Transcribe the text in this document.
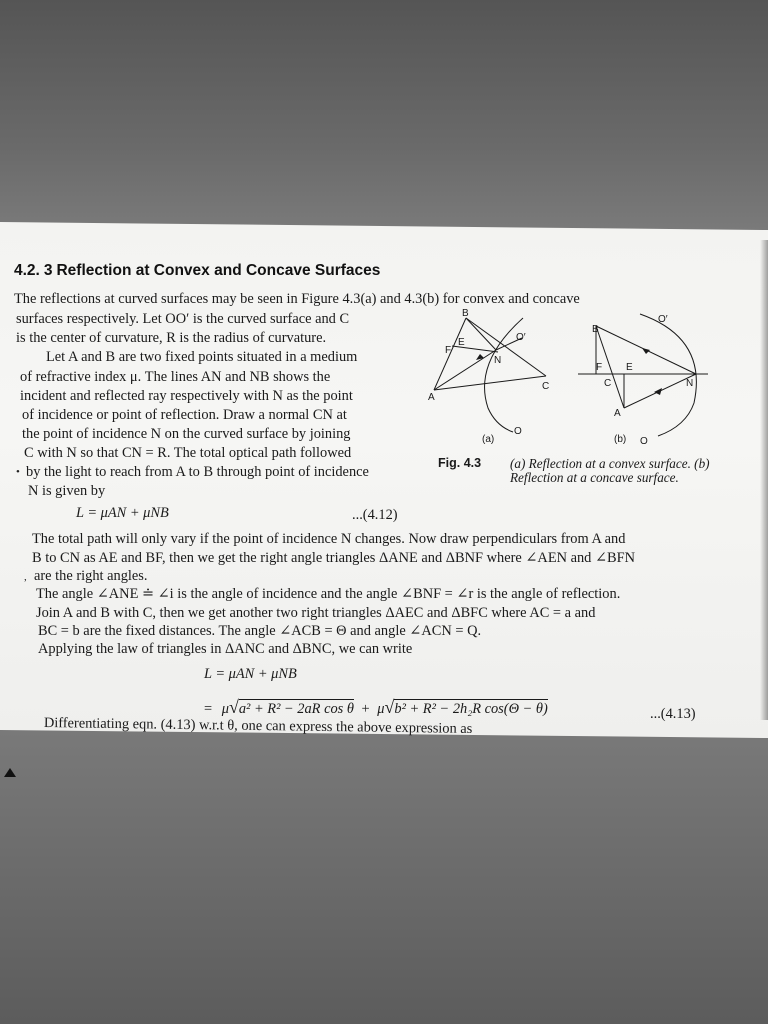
4.2. 3 Reflection at Convex and Concave Surfaces
The reflections at curved surfaces may be seen in Figure 4.3(a) and 4.3(b) for convex and concave
surfaces respectively. Let OO′ is the curved surface and C
is the center of curvature, R is the radius of curvature.
Let A and B are two fixed points situated in a medium
of refractive index μ. The lines AN and NB shows the
incident and reflected ray respectively with N as the point
of incidence or point of reflection. Draw a normal CN at
the point of incidence N on the curved surface by joining
C with N so that CN = R. The total optical path followed
• by the light to reach from A to B through point of incidence
N is given by
L = μAN + μNB	...(4.12)
B
O′
E
F
N
A
C
O
(a)
B
O′
F E
C	N
A
O
(b)
Fig. 4.3 (a) Reflection at a convex surface. (b) Reflection at a concave surface.
The total path will only vary if the point of incidence N changes. Now draw perpendiculars from A and
B to CN as AE and BF, then we get the right angle triangles ΔANE and ΔBNF where ∠AEN and ∠BFN
, are the right angles.
The angle ∠ANE ≐ ∠i is the angle of incidence and the angle ∠BNF = ∠r is the angle of reflection.
Join A and B with C, then we get another two right triangles ΔAEC and ΔBFC where AC = a and
BC = b are the fixed distances. The angle ∠ACB = Θ and angle ∠ACN = Q.
Applying the law of triangles in ΔANC and ΔBNC, we can write
L = μAN + μNB
= μ√a² + R² − 2aR cos θ + μ√b² + R² − 2h₂R cos(Θ − θ)	...(4.13)
Differentiating eqn. (4.13) w.r.t θ, one can express the above expression as
